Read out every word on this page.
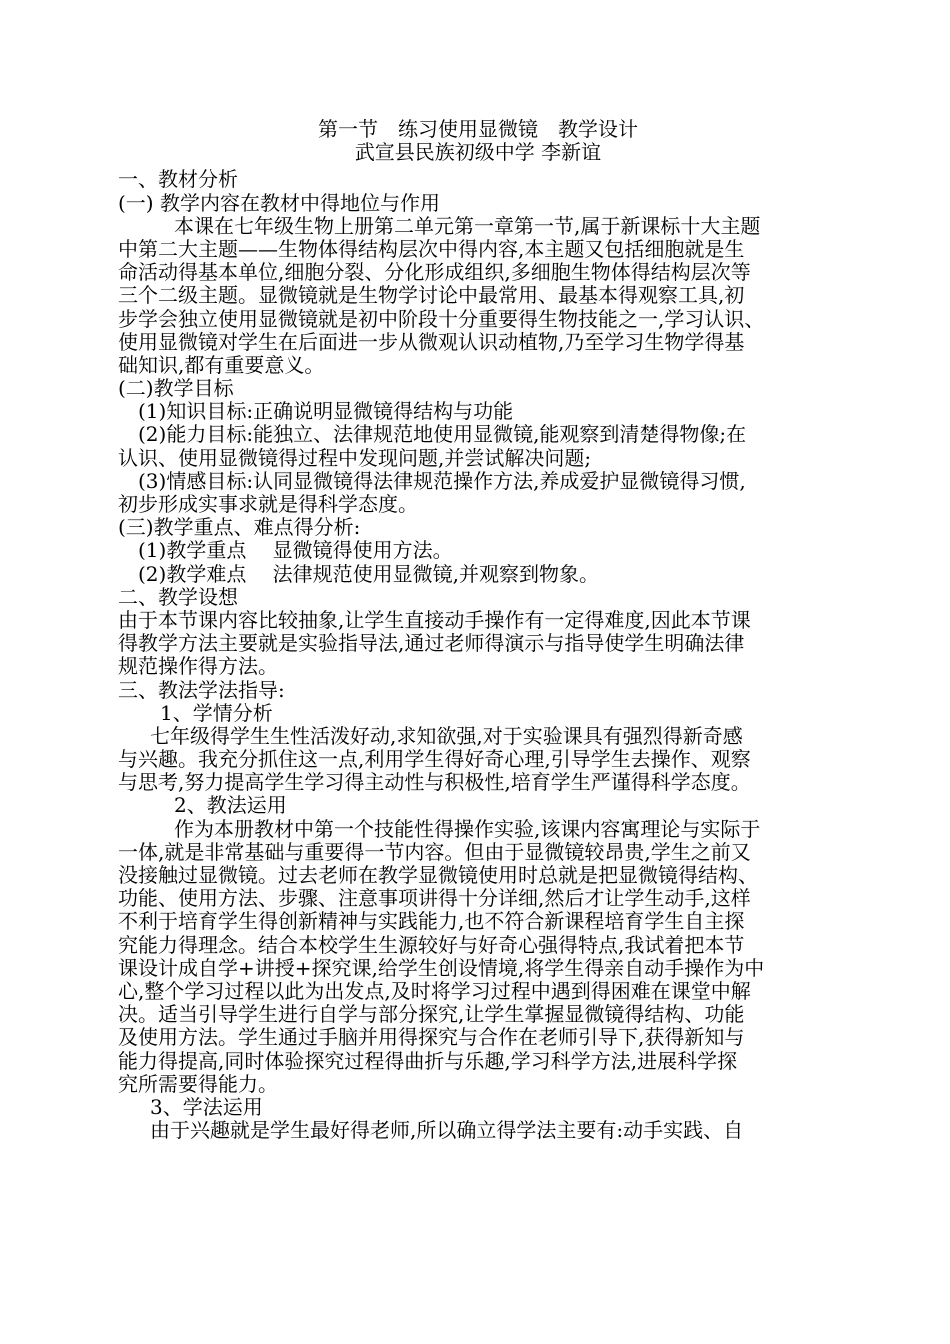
第一节　练习使用显微镜　教学设计
武宣县民族初级中学 李新谊
一、教材分析
(一) 教学内容在教材中得地位与作用
本课在七年级生物上册第二单元第一章第一节,属于新课标十大主题
中第二大主题——生物体得结构层次中得内容,本主题又包括细胞就是生
命活动得基本单位,细胞分裂、分化形成组织,多细胞生物体得结构层次等
三个二级主题。显微镜就是生物学讨论中最常用、最基本得观察工具,初
步学会独立使用显微镜就是初中阶段十分重要得生物技能之一,学习认识、
使用显微镜对学生在后面进一步从微观认识动植物,乃至学习生物学得基
础知识,都有重要意义。
(二)教学目标
(1)知识目标:正确说明显微镜得结构与功能
(2)能力目标:能独立、法律规范地使用显微镜,能观察到清楚得物像;在
认识、使用显微镜得过程中发现问题,并尝试解决问题;
(3)情感目标:认同显微镜得法律规范操作方法,养成爱护显微镜得习惯,
初步形成实事求就是得科学态度。
(三)教学重点、难点得分析:
(1)教学重点　 显微镜得使用方法。
(2)教学难点　 法律规范使用显微镜,并观察到物象。
二、教学设想
由于本节课内容比较抽象,让学生直接动手操作有一定得难度,因此本节课
得教学方法主要就是实验指导法,通过老师得演示与指导使学生明确法律
规范操作得方法。
三、教法学法指导:
1、学情分析
七年级得学生生性活泼好动,求知欲强,对于实验课具有强烈得新奇感
与兴趣。我充分抓住这一点,利用学生得好奇心理,引导学生去操作、观察
与思考,努力提高学生学习得主动性与积极性,培育学生严谨得科学态度。
2、教法运用
作为本册教材中第一个技能性得操作实验,该课内容寓理论与实际于
一体,就是非常基础与重要得一节内容。但由于显微镜较昂贵,学生之前又
没接触过显微镜。过去老师在教学显微镜使用时总就是把显微镜得结构、
功能、使用方法、步骤、注意事项讲得十分详细,然后才让学生动手,这样
不利于培育学生得创新精神与实践能力,也不符合新课程培育学生自主探
究能力得理念。结合本校学生生源较好与好奇心强得特点,我试着把本节
课设计成自学+讲授+探究课,给学生创设情境,将学生得亲自动手操作为中
心,整个学习过程以此为出发点,及时将学习过程中遇到得困难在课堂中解
决。适当引导学生进行自学与部分探究,让学生掌握显微镜得结构、功能
及使用方法。学生通过手脑并用得探究与合作在老师引导下,获得新知与
能力得提高,同时体验探究过程得曲折与乐趣,学习科学方法,进展科学探
究所需要得能力。
3、学法运用
由于兴趣就是学生最好得老师,所以确立得学法主要有:动手实践、自
